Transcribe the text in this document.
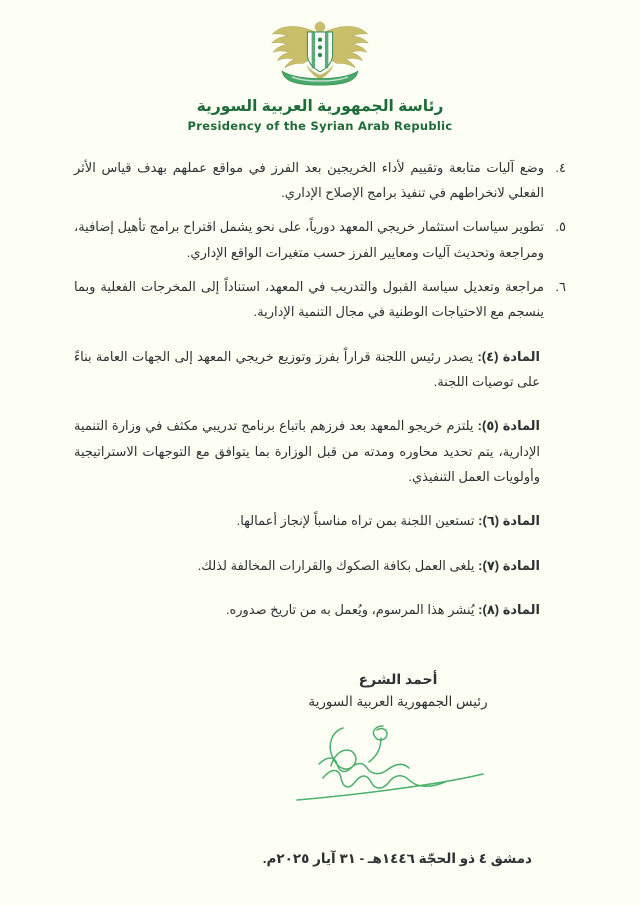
رئاسة الجمهورية العربية السورية
Presidency of the Syrian Arab Republic
٤.
وضع آليات متابعة وتقييم لأداء الخريجين بعد الفرز في مواقع عملهم بهدف قياس الأثر الفعلي لانخراطهم في تنفيذ برامج الإصلاح الإداري.
٥.
تطوير سياسات استثمار خريجي المعهد دورياً، على نحو يشمل اقتراح برامج تأهيل إضافية، ومراجعة وتحديث آليات ومعايير الفرز حسب متغيرات الواقع الإداري.
٦.
مراجعة وتعديل سياسة القبول والتدريب في المعهد، استناداً إلى المخرجات الفعلية وبما ينسجم مع الاحتياجات الوطنية في مجال التنمية الإدارية.

المادة (٤): يصدر رئيس اللجنة قراراً بفرز وتوزيع خريجي المعهد إلى الجهات العامة بناءً على توصيات اللجنة.

المادة (٥): يلتزم خريجو المعهد بعد فرزهم باتباع برنامج تدريبي مكثف في وزارة التنمية الإدارية، يتم تحديد محاوره ومدته من قبل الوزارة بما يتوافق مع التوجهات الاستراتيجية وأولويات العمل التنفيذي.

المادة (٦): تستعين اللجنة بمن تراه مناسباً لإنجاز أعمالها.

المادة (٧): يلغى العمل بكافة الصكوك والقرارات المخالفة لذلك.

المادة (٨): يُنشر هذا المرسوم، ويُعمل به من تاريخ صدوره.

أحمد الشرع
رئيس الجمهورية العربية السورية
دمشق ٤ ذو الحجّة ١٤٤٦هـ - ٣١ آيار ٢٠٢٥م.
